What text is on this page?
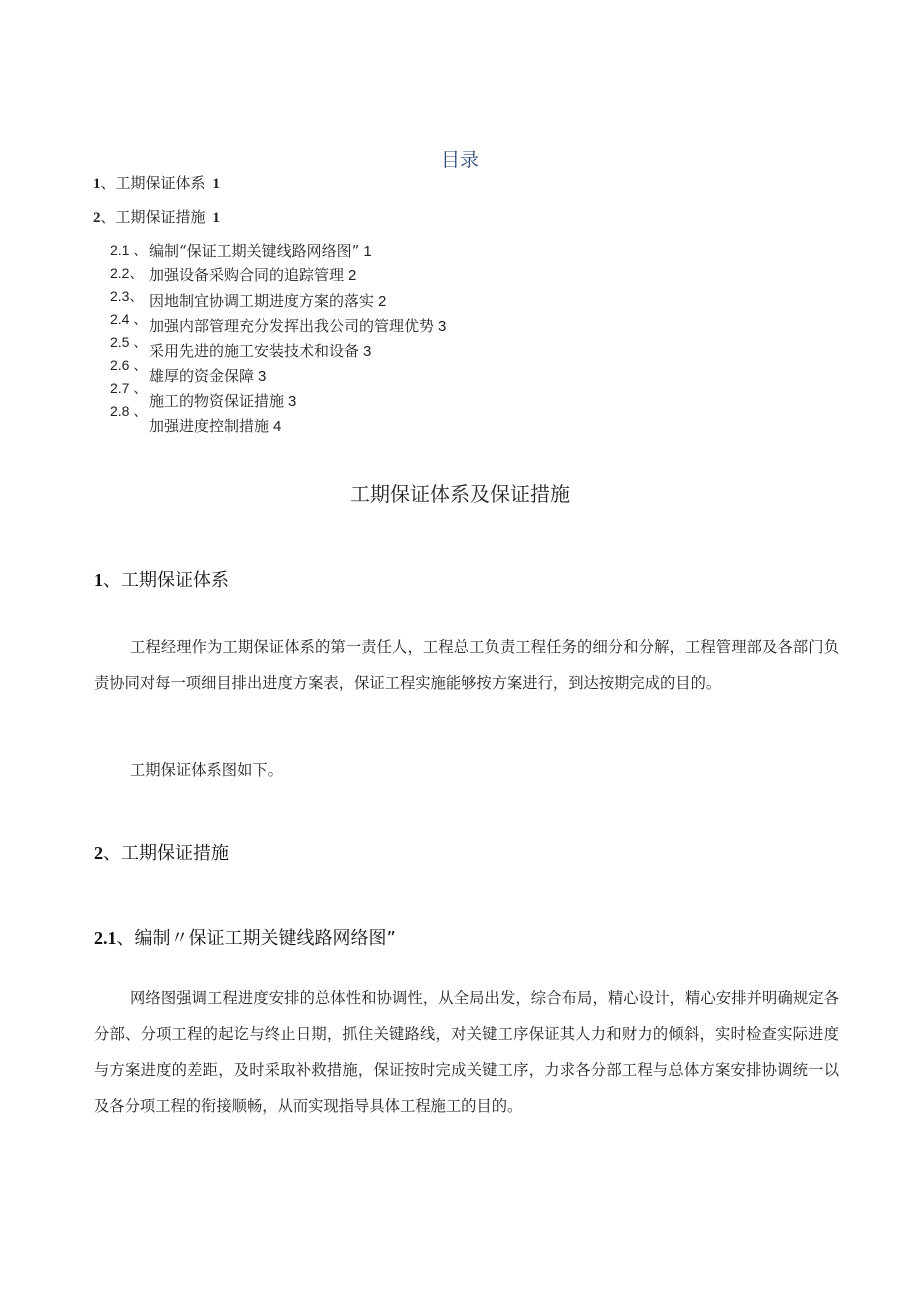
目录
1、工期保证体系 1
2、工期保证措施 1
2.1 、
2.2、
2.3、
2.4 、
2.5 、
2.6 、
2.7 、
2.8 、
编制“保证工期关键线路网络图” 1
加强设备采购合同的追踪管理 2
因地制宜协调工期进度方案的落实 2
加强内部管理充分发挥出我公司的管理优势 3
采用先进的施工安装技术和设备 3
雄厚的资金保障 3
施工的物资保证措施 3
加强进度控制措施 4
工期保证体系及保证措施
1、工期保证体系
工程经理作为工期保证体系的第一责任人，工程总工负责工程任务的细分和分解，工程管理部及各部门负责协同对每一项细目排出进度方案表，保证工程实施能够按方案进行，到达按期完成的目的。
工期保证体系图如下。
2、工期保证措施
2.1、编制〃保证工期关键线路网络图”
网络图强调工程进度安排的总体性和协调性，从全局出发，综合布局，精心设计，精心安排并明确规定各分部、分项工程的起讫与终止日期，抓住关键路线，对关键工序保证其人力和财力的倾斜，实时检查实际进度与方案进度的差距，及时采取补救措施，保证按时完成关键工序，力求各分部工程与总体方案安排协调统一以及各分项工程的衔接顺畅，从而实现指导具体工程施工的目的。
